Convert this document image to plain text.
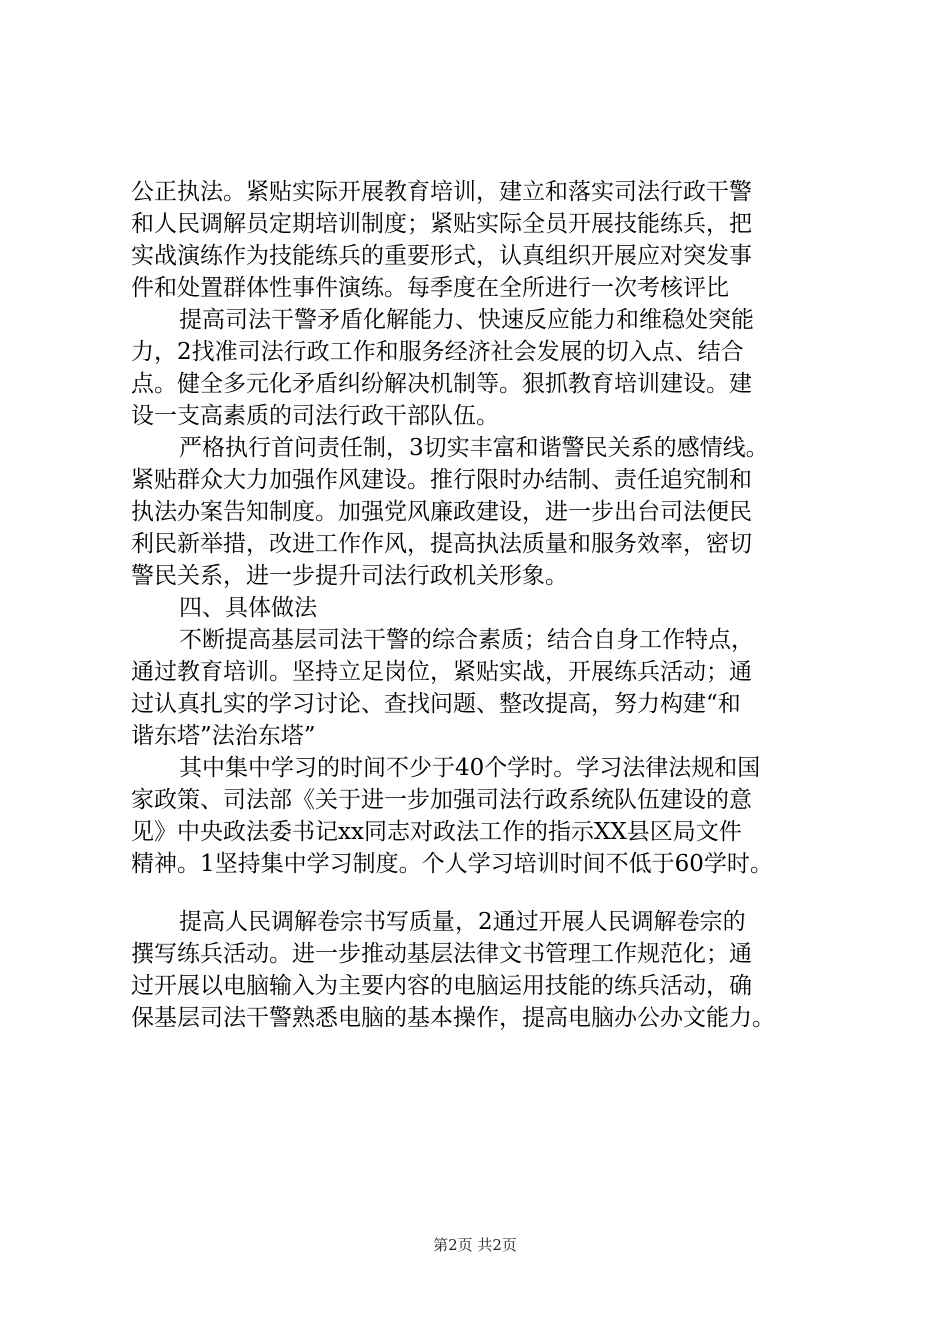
公正执法。紧贴实际开展教育培训，建立和落实司法行政干警
和人民调解员定期培训制度；紧贴实际全员开展技能练兵，把
实战演练作为技能练兵的重要形式，认真组织开展应对突发事
件和处置群体性事件演练。每季度在全所进行一次考核评比
提高司法干警矛盾化解能力、快速反应能力和维稳处突能
力，2找准司法行政工作和服务经济社会发展的切入点、结合
点。健全多元化矛盾纠纷解决机制等。狠抓教育培训建设。建
设一支高素质的司法行政干部队伍。
严格执行首问责任制，3切实丰富和谐警民关系的感情线。
紧贴群众大力加强作风建设。推行限时办结制、责任追究制和
执法办案告知制度。加强党风廉政建设，进一步出台司法便民
利民新举措，改进工作作风，提高执法质量和服务效率，密切
警民关系，进一步提升司法行政机关形象。
四、具体做法
不断提高基层司法干警的综合素质；结合自身工作特点，
通过教育培训。坚持立足岗位，紧贴实战，开展练兵活动；通
过认真扎实的学习讨论、查找问题、整改提高，努力构建“和
谐东塔”法治东塔”
其中集中学习的时间不少于40个学时。学习法律法规和国
家政策、司法部《关于进一步加强司法行政系统队伍建设的意
见》中央政法委书记xx同志对政法工作的指示XX县区局文件
精神。1坚持集中学习制度。个人学习培训时间不低于60学时。
提高人民调解卷宗书写质量，2通过开展人民调解卷宗的
撰写练兵活动。进一步推动基层法律文书管理工作规范化；通
过开展以电脑输入为主要内容的电脑运用技能的练兵活动，确
保基层司法干警熟悉电脑的基本操作，提高电脑办公办文能力。
第2页 共2页
